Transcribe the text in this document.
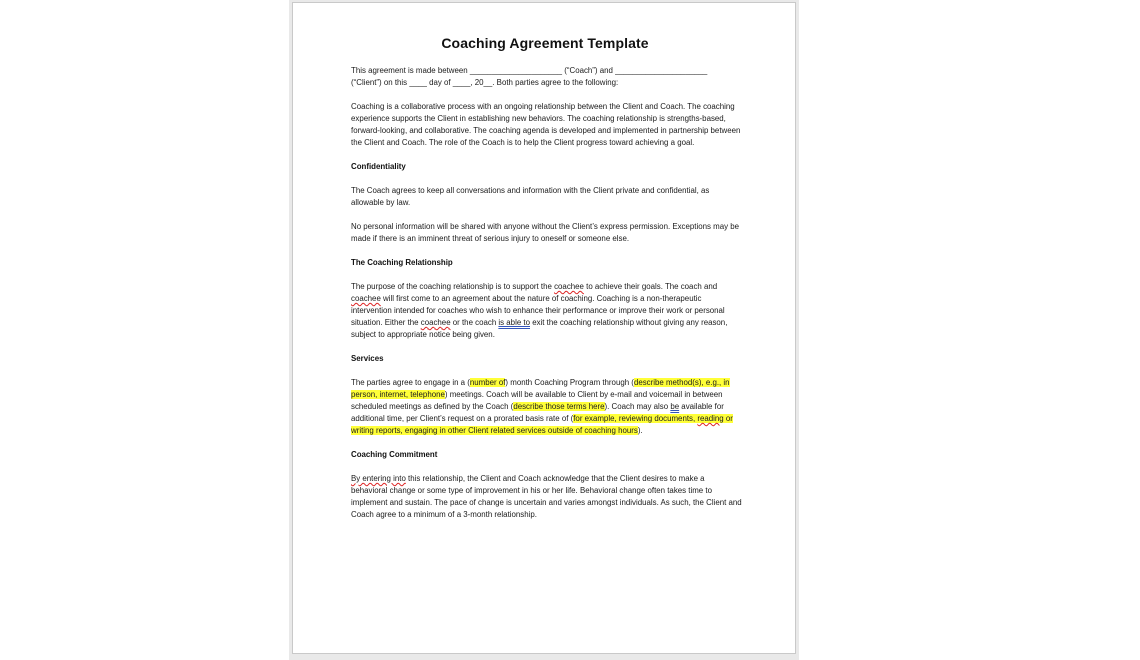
Coaching Agreement Template

This agreement is made between _____________________ (“Coach”) and _____________________
(“Client”) on this ____ day of ____, 20__. Both parties agree to the following:

Coaching is a collaborative process with an ongoing relationship between the Client and Coach. The coaching experience supports the Client in establishing new behaviors. The coaching relationship is strengths-based, forward-looking, and collaborative. The coaching agenda is developed and implemented in partnership between the Client and Coach. The role of the Coach is to help the Client progress toward achieving a goal.

Confidentiality

The Coach agrees to keep all conversations and information with the Client private and confidential, as allowable by law.

No personal information will be shared with anyone without the Client’s express permission. Exceptions may be made if there is an imminent threat of serious injury to oneself or someone else.

The Coaching Relationship

The purpose of the coaching relationship is to support the coachee to achieve their goals. The coach and coachee will first come to an agreement about the nature of coaching. Coaching is a non-therapeutic intervention intended for coaches who wish to enhance their performance or improve their work or personal situation. Either the coachee or the coach is able to exit the coaching relationship without giving any reason, subject to appropriate notice being given.

Services

The parties agree to engage in a (number of) month Coaching Program through (describe method(s), e.g., in person, internet, telephone) meetings. Coach will be available to Client by e-mail and voicemail in between scheduled meetings as defined by the Coach (describe those terms here). Coach may also be available for additional time, per Client’s request on a prorated basis rate of (for example, reviewing documents, reading or writing reports, engaging in other Client related services outside of coaching hours).

Coaching Commitment

By entering into this relationship, the Client and Coach acknowledge that the Client desires to make a behavioral change or some type of improvement in his or her life. Behavioral change often takes time to implement and sustain. The pace of change is uncertain and varies amongst individuals. As such, the Client and Coach agree to a minimum of a 3-month relationship.
